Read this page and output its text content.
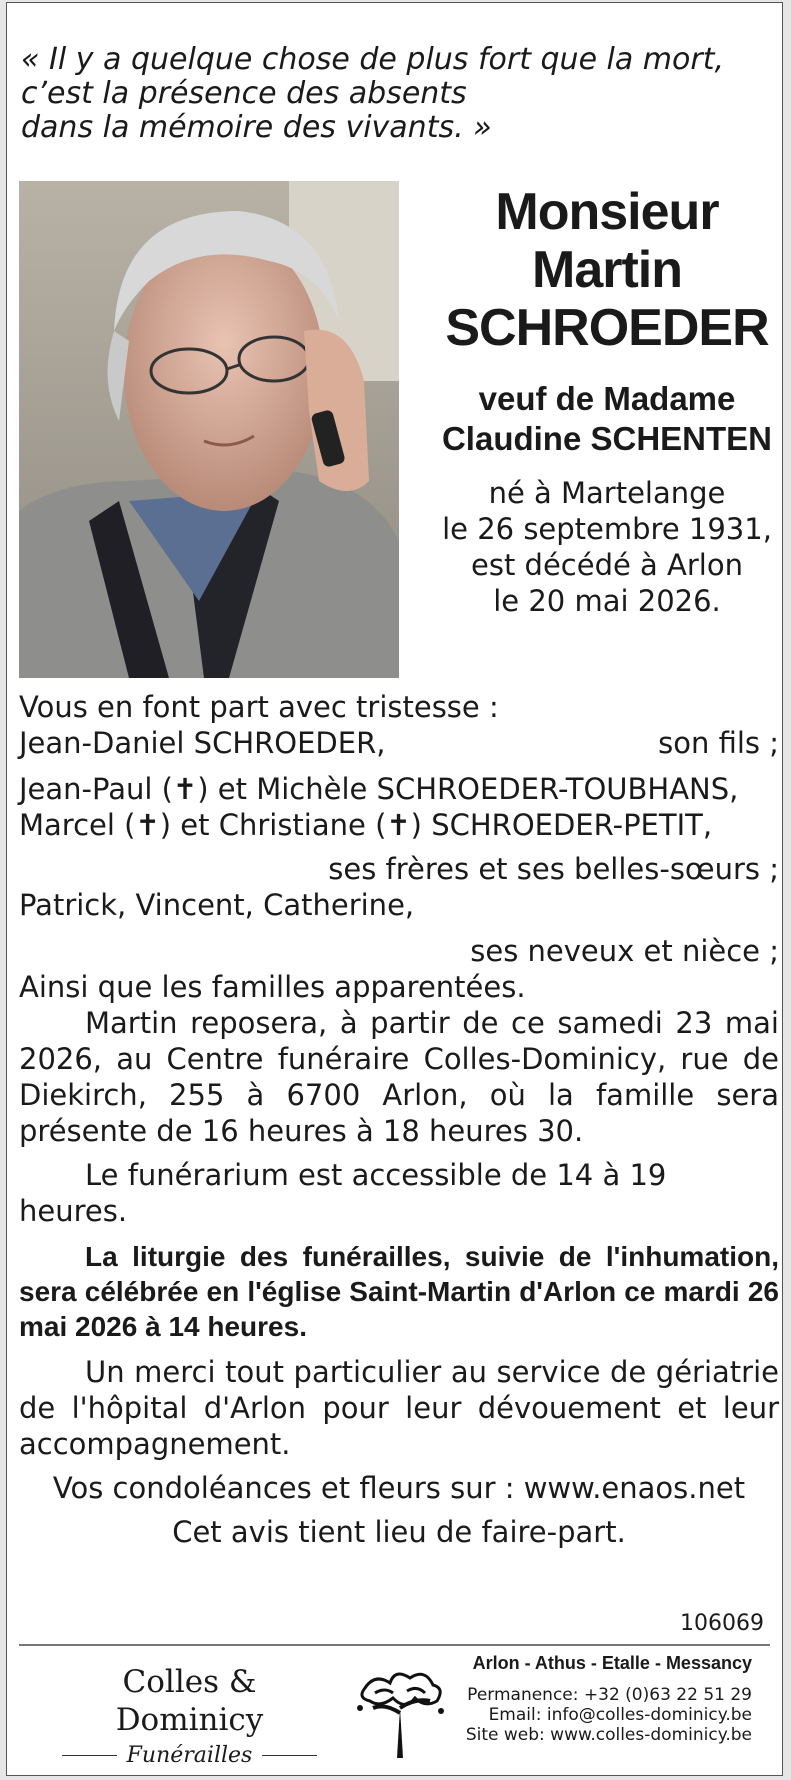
« Il y a quelque chose de plus fort que la mort,
c’est la présence des absents
dans la mémoire des vivants. »
Monsieur
Martin
SCHROEDER
veuf de Madame
Claudine SCHENTEN
né à Martelange
le 26 septembre 1931,
est décédé à Arlon
le 20 mai 2026.
Vous en font part avec tristesse :
Jean-Daniel SCHROEDER,	son fils ;
Jean-Paul (✝) et Michèle SCHROEDER-TOUBHANS,
Marcel (✝) et Christiane (✝) SCHROEDER-PETIT,
ses frères et ses belles-sœurs ;
Patrick, Vincent, Catherine,
ses neveux et nièce ;
Ainsi que les familles apparentées.
Martin reposera, à partir de ce samedi 23 mai 2026, au Centre funéraire Colles-Dominicy, rue de Diekirch, 255 à 6700 Arlon, où la famille sera présente de 16 heures à 18 heures 30.
Le funérarium est accessible de 14 à 19 heures.
La liturgie des funérailles, suivie de l'inhumation, sera célébrée en l'église Saint-Martin d'Arlon ce mardi 26 mai 2026 à 14 heures.
Un merci tout particulier au service de gériatrie de l'hôpital d'Arlon pour leur dévouement et leur accompagnement.
Vos condoléances et fleurs sur : www.enaos.net
Cet avis tient lieu de faire-part.
106069
Colles & Dominicy
Funérailles
Arlon - Athus - Etalle - Messancy
Permanence: +32 (0)63 22 51 29
Email: info@colles-dominicy.be
Site web: www.colles-dominicy.be
